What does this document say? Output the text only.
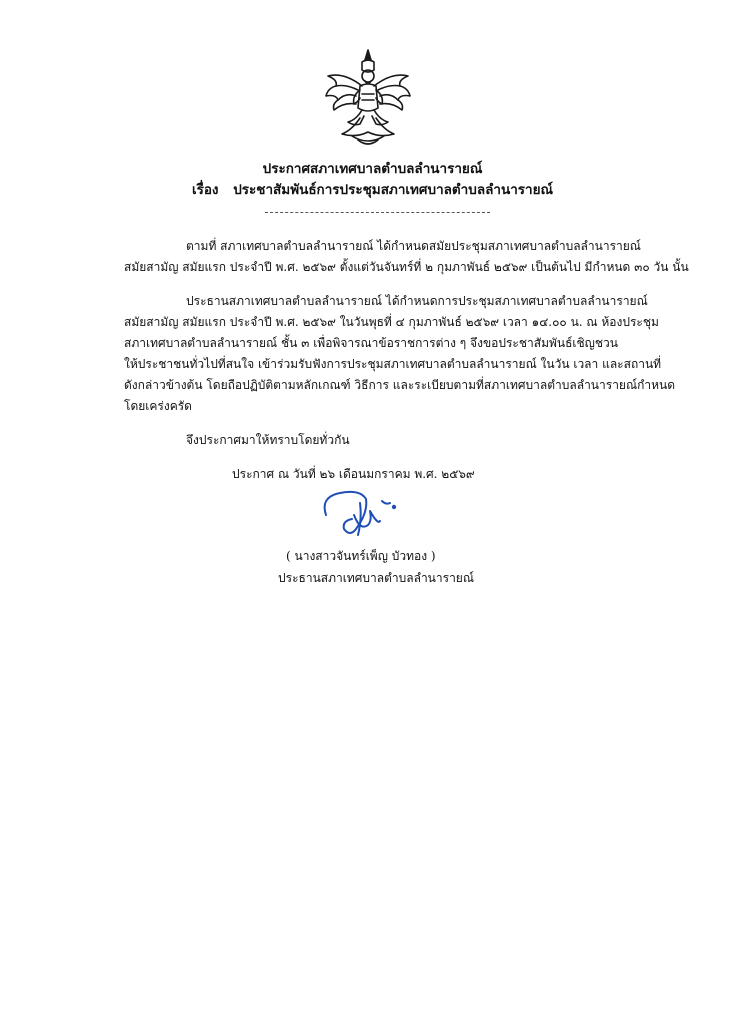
ประกาศสภาเทศบาลตำบลลำนารายณ์
เรื่อง ประชาสัมพันธ์การประชุมสภาเทศบาลตำบลลำนารายณ์
ตามที่ สภาเทศบาลตำบลลำนารายณ์ ได้กำหนดสมัยประชุมสภาเทศบาลตำบลลำนารายณ์
สมัยสามัญ สมัยแรก ประจำปี พ.ศ. ๒๕๖๙ ตั้งแต่วันจันทร์ที่ ๒ กุมภาพันธ์ ๒๕๖๙ เป็นต้นไป มีกำหนด ๓๐ วัน นั้น
ประธานสภาเทศบาลตำบลลำนารายณ์ ได้กำหนดการประชุมสภาเทศบาลตำบลลำนารายณ์
สมัยสามัญ สมัยแรก ประจำปี พ.ศ. ๒๕๖๙ ในวันพุธที่ ๔ กุมภาพันธ์ ๒๕๖๙ เวลา ๑๔.๐๐ น. ณ ห้องประชุม
สภาเทศบาลตำบลลำนารายณ์ ชั้น ๓ เพื่อพิจารณาข้อราชการต่าง ๆ จึงขอประชาสัมพันธ์เชิญชวน
ให้ประชาชนทั่วไปที่สนใจ เข้าร่วมรับฟังการประชุมสภาเทศบาลตำบลลำนารายณ์ ในวัน เวลา และสถานที่
ดังกล่าวข้างต้น โดยถือปฏิบัติตามหลักเกณฑ์ วิธีการ และระเบียบตามที่สภาเทศบาลตำบลลำนารายณ์กำหนด
โดยเคร่งครัด
จึงประกาศมาให้ทราบโดยทั่วกัน
ประกาศ ณ วันที่ ๒๖ เดือนมกราคม พ.ศ. ๒๕๖๙
( นางสาวจันทร์เพ็ญ บัวทอง )
ประธานสภาเทศบาลตำบลลำนารายณ์
